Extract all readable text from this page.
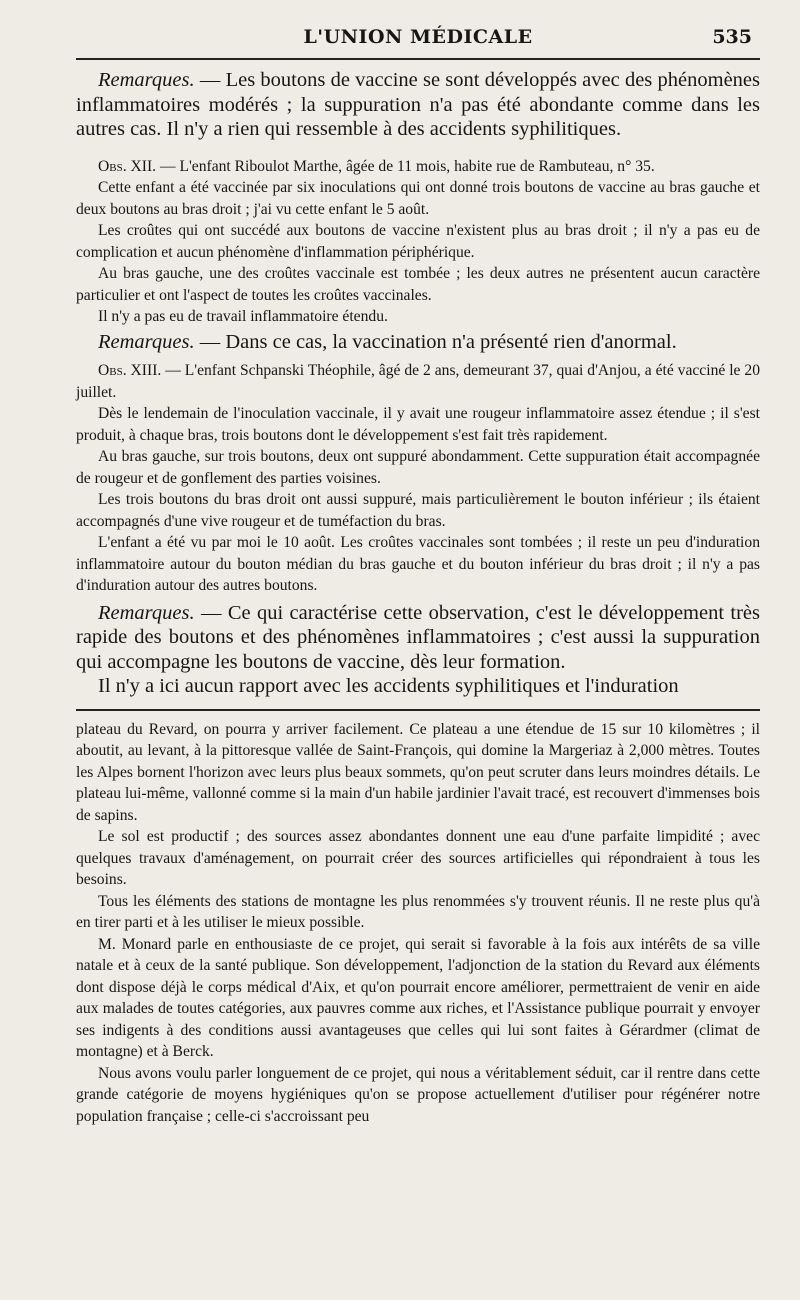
L'UNION MÉDICALE	535

Remarques. — Les boutons de vaccine se sont développés avec des phénomènes inflammatoires modérés ; la suppuration n'a pas été abondante comme dans les autres cas. Il n'y a rien qui ressemble à des accidents syphilitiques.

Obs. XII. — L'enfant Riboulot Marthe, âgée de 11 mois, habite rue de Rambuteau, n° 35.

Cette enfant a été vaccinée par six inoculations qui ont donné trois boutons de vaccine au bras gauche et deux boutons au bras droit ; j'ai vu cette enfant le 5 août.

Les croûtes qui ont succédé aux boutons de vaccine n'existent plus au bras droit ; il n'y a pas eu de complication et aucun phénomène d'inflammation périphérique.

Au bras gauche, une des croûtes vaccinale est tombée ; les deux autres ne présentent aucun caractère particulier et ont l'aspect de toutes les croûtes vaccinales.

Il n'y a pas eu de travail inflammatoire étendu.

Remarques. — Dans ce cas, la vaccination n'a présenté rien d'anormal.

Obs. XIII. — L'enfant Schpanski Théophile, âgé de 2 ans, demeurant 37, quai d'Anjou, a été vacciné le 20 juillet.

Dès le lendemain de l'inoculation vaccinale, il y avait une rougeur inflammatoire assez étendue ; il s'est produit, à chaque bras, trois boutons dont le développement s'est fait très rapidement.

Au bras gauche, sur trois boutons, deux ont suppuré abondamment. Cette suppuration était accompagnée de rougeur et de gonflement des parties voisines.

Les trois boutons du bras droit ont aussi suppuré, mais particulièrement le bouton inférieur ; ils étaient accompagnés d'une vive rougeur et de tuméfaction du bras.

L'enfant a été vu par moi le 10 août. Les croûtes vaccinales sont tombées ; il reste un peu d'induration inflammatoire autour du bouton médian du bras gauche et du bouton inférieur du bras droit ; il n'y a pas d'induration autour des autres boutons.

Remarques. — Ce qui caractérise cette observation, c'est le développement très rapide des boutons et des phénomènes inflammatoires ; c'est aussi la suppuration qui accompagne les boutons de vaccine, dès leur formation.

Il n'y a ici aucun rapport avec les accidents syphilitiques et l'induration

plateau du Revard, on pourra y arriver facilement. Ce plateau a une étendue de 15 sur 10 kilomètres ; il aboutit, au levant, à la pittoresque vallée de Saint-François, qui domine la Margeriaz à 2,000 mètres. Toutes les Alpes bornent l'horizon avec leurs plus beaux sommets, qu'on peut scruter dans leurs moindres détails. Le plateau lui-même, vallonné comme si la main d'un habile jardinier l'avait tracé, est recouvert d'immenses bois de sapins.

Le sol est productif ; des sources assez abondantes donnent une eau d'une parfaite limpidité ; avec quelques travaux d'aménagement, on pourrait créer des sources artificielles qui répondraient à tous les besoins.

Tous les éléments des stations de montagne les plus renommées s'y trouvent réunis. Il ne reste plus qu'à en tirer parti et à les utiliser le mieux possible.

M. Monard parle en enthousiaste de ce projet, qui serait si favorable à la fois aux intérêts de sa ville natale et à ceux de la santé publique. Son développement, l'adjonction de la station du Revard aux éléments dont dispose déjà le corps médical d'Aix, et qu'on pourrait encore améliorer, permettraient de venir en aide aux malades de toutes catégories, aux pauvres comme aux riches, et l'Assistance publique pourrait y envoyer ses indigents à des conditions aussi avantageuses que celles qui lui sont faites à Gérardmer (climat de montagne) et à Berck.

Nous avons voulu parler longuement de ce projet, qui nous a véritablement séduit, car il rentre dans cette grande catégorie de moyens hygiéniques qu'on se propose actuellement d'utiliser pour régénérer notre population française ; celle-ci s'accroissant peu
